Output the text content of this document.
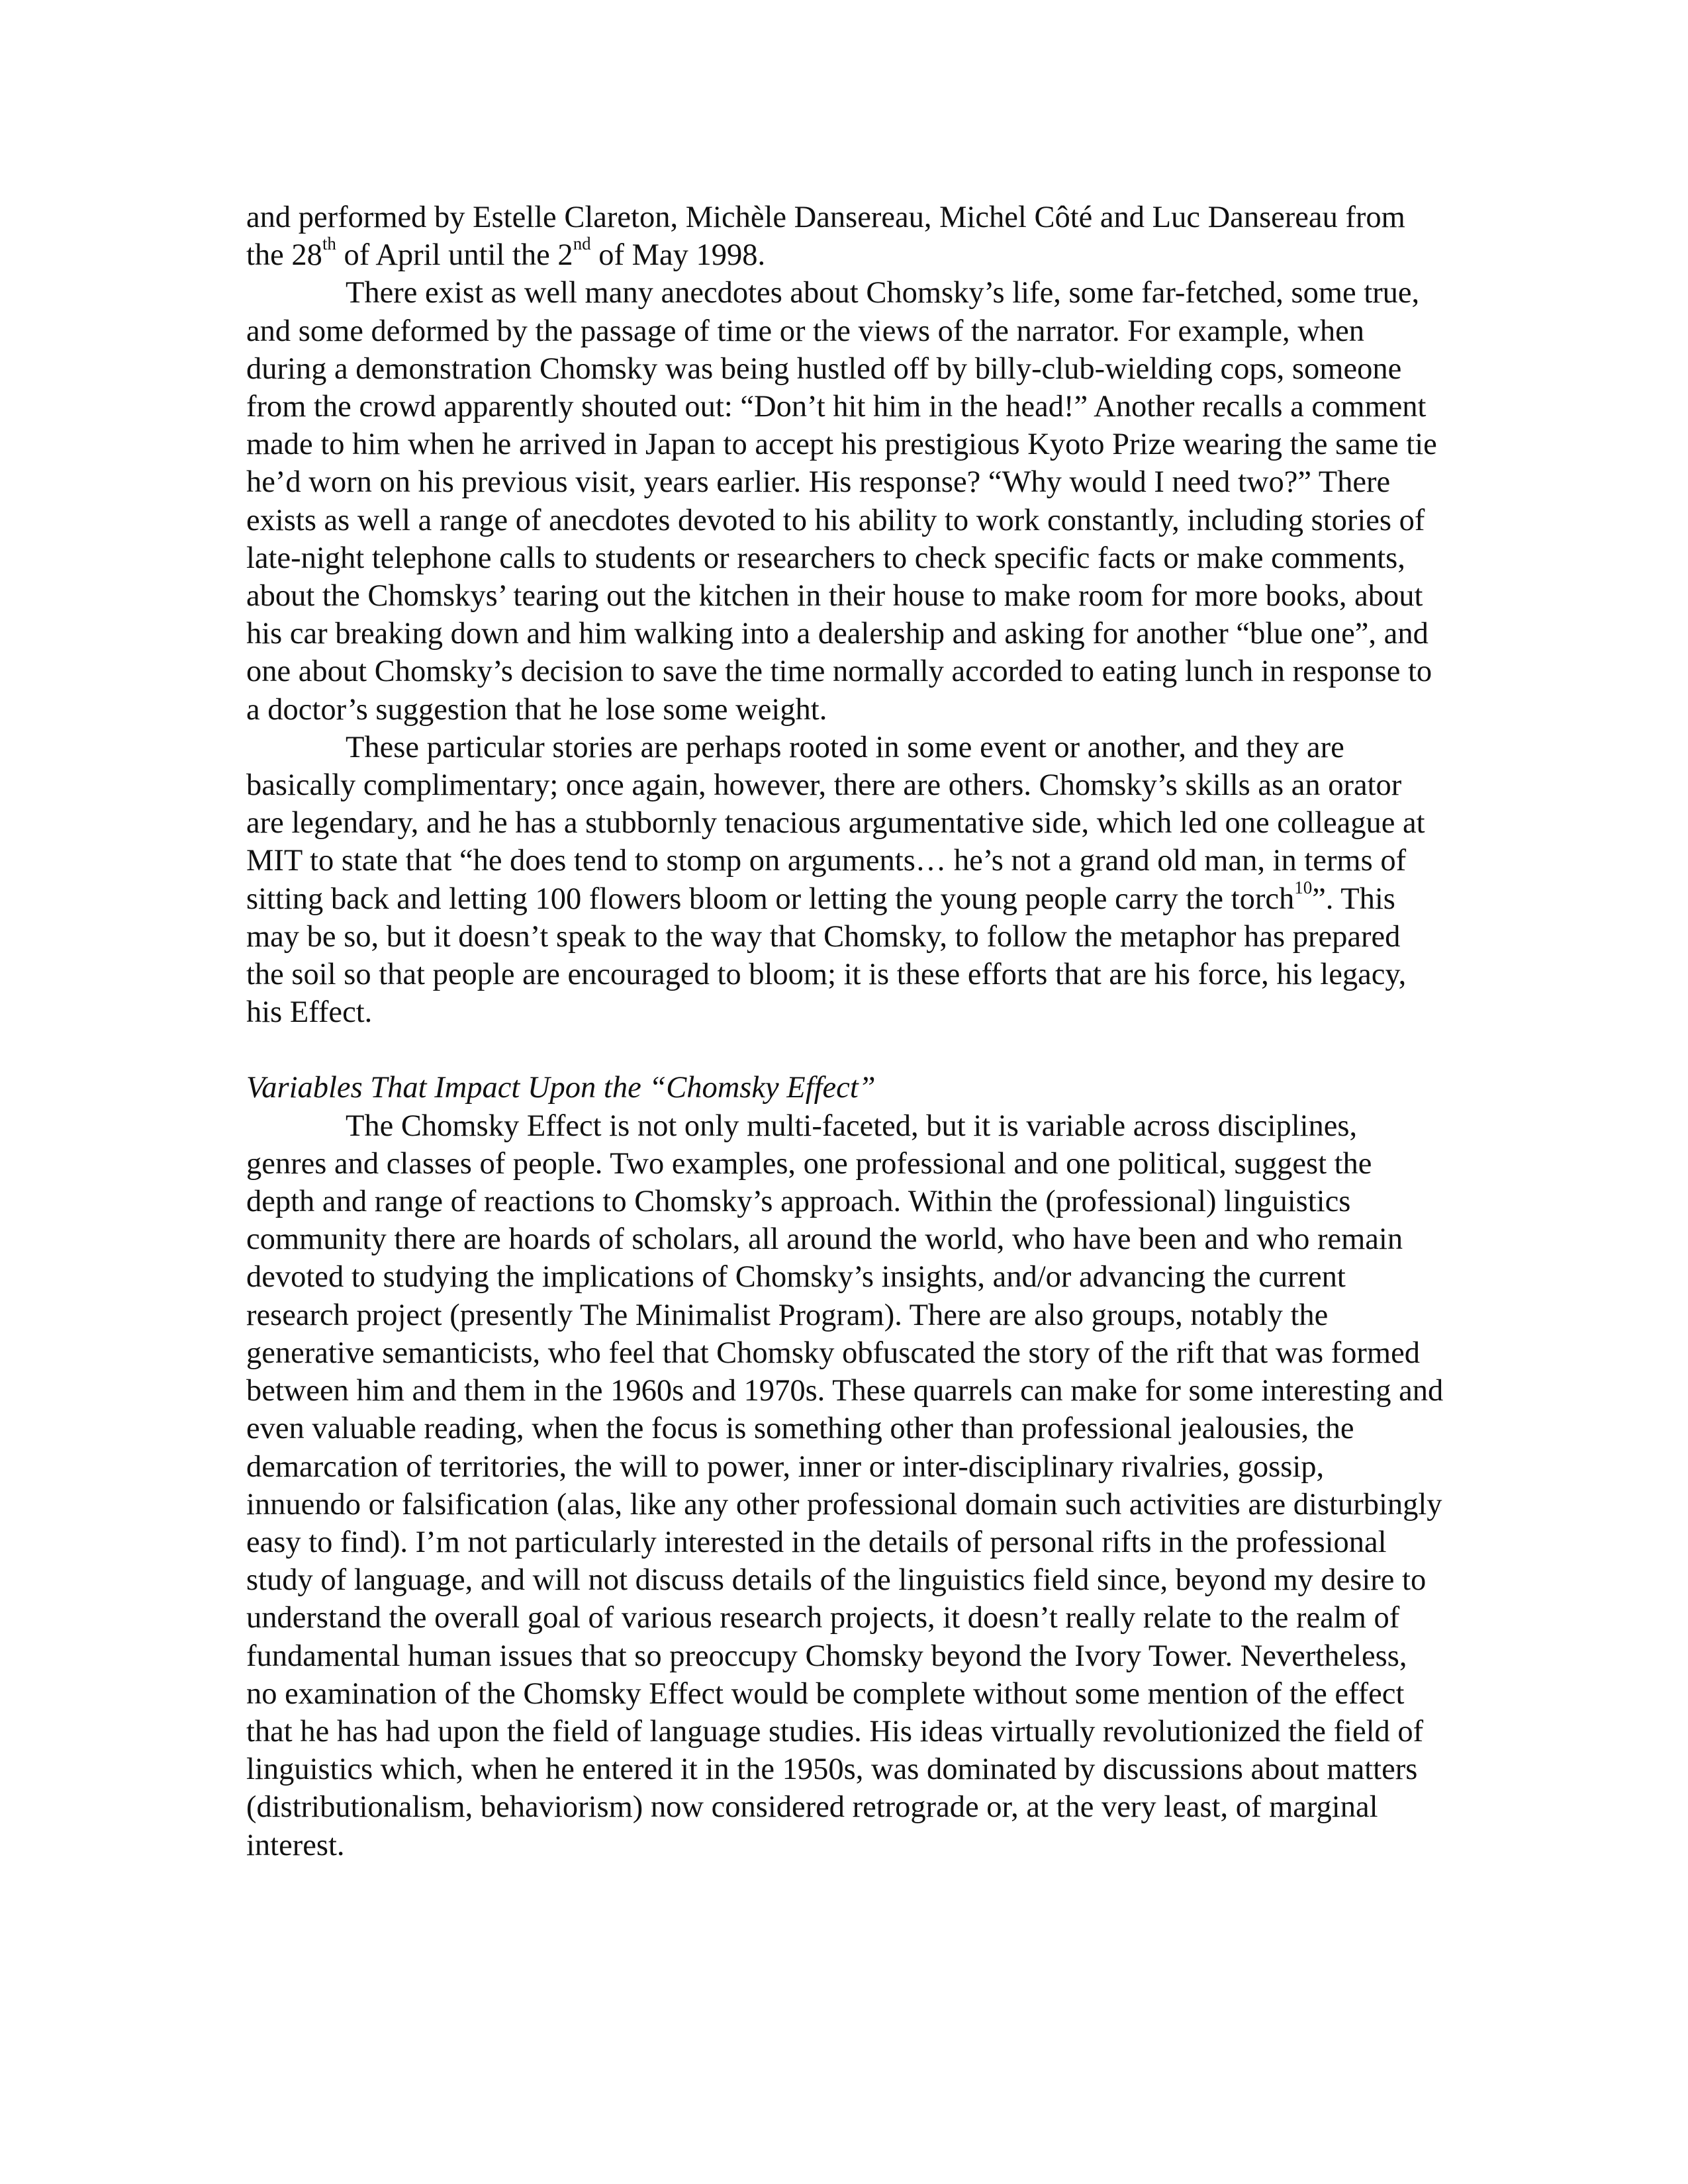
and performed by Estelle Clareton, Michèle Dansereau, Michel Côté and Luc Dansereau from the 28th of April until the 2nd of May 1998.

There exist as well many anecdotes about Chomsky’s life, some far-fetched, some true, and some deformed by the passage of time or the views of the narrator. For example, when during a demonstration Chomsky was being hustled off by billy-club-wielding cops, someone from the crowd apparently shouted out: “Don’t hit him in the head!” Another recalls a comment made to him when he arrived in Japan to accept his prestigious Kyoto Prize wearing the same tie he’d worn on his previous visit, years earlier. His response? “Why would I need two?” There exists as well a range of anecdotes devoted to his ability to work constantly, including stories of late-night telephone calls to students or researchers to check specific facts or make comments, about the Chomskys’ tearing out the kitchen in their house to make room for more books, about his car breaking down and him walking into a dealership and asking for another “blue one”, and one about Chomsky’s decision to save the time normally accorded to eating lunch in response to a doctor’s suggestion that he lose some weight.

These particular stories are perhaps rooted in some event or another, and they are basically complimentary; once again, however, there are others. Chomsky’s skills as an orator are legendary, and he has a stubbornly tenacious argumentative side, which led one colleague at MIT to state that “he does tend to stomp on arguments… he’s not a grand old man, in terms of sitting back and letting 100 flowers bloom or letting the young people carry the torch$^{10}$”. This may be so, but it doesn’t speak to the way that Chomsky, to follow the metaphor has prepared the soil so that people are encouraged to bloom; it is these efforts that are his force, his legacy, his Effect.

Variables That Impact Upon the “Chomsky Effect”

The Chomsky Effect is not only multi-faceted, but it is variable across disciplines, genres and classes of people. Two examples, one professional and one political, suggest the depth and range of reactions to Chomsky’s approach. Within the (professional) linguistics community there are hoards of scholars, all around the world, who have been and who remain devoted to studying the implications of Chomsky’s insights, and/or advancing the current research project (presently The Minimalist Program). There are also groups, notably the generative semanticists, who feel that Chomsky obfuscated the story of the rift that was formed between him and them in the 1960s and 1970s. These quarrels can make for some interesting and even valuable reading, when the focus is something other than professional jealousies, the demarcation of territories, the will to power, inner or inter-disciplinary rivalries, gossip, innuendo or falsification (alas, like any other professional domain such activities are disturbingly easy to find). I’m not particularly interested in the details of personal rifts in the professional study of language, and will not discuss details of the linguistics field since, beyond my desire to understand the overall goal of various research projects, it doesn’t really relate to the realm of fundamental human issues that so preoccupy Chomsky beyond the Ivory Tower. Nevertheless, no examination of the Chomsky Effect would be complete without some mention of the effect that he has had upon the field of language studies. His ideas virtually revolutionized the field of linguistics which, when he entered it in the 1950s, was dominated by discussions about matters (distributionalism, behaviorism) now considered retrograde or, at the very least, of marginal interest.
